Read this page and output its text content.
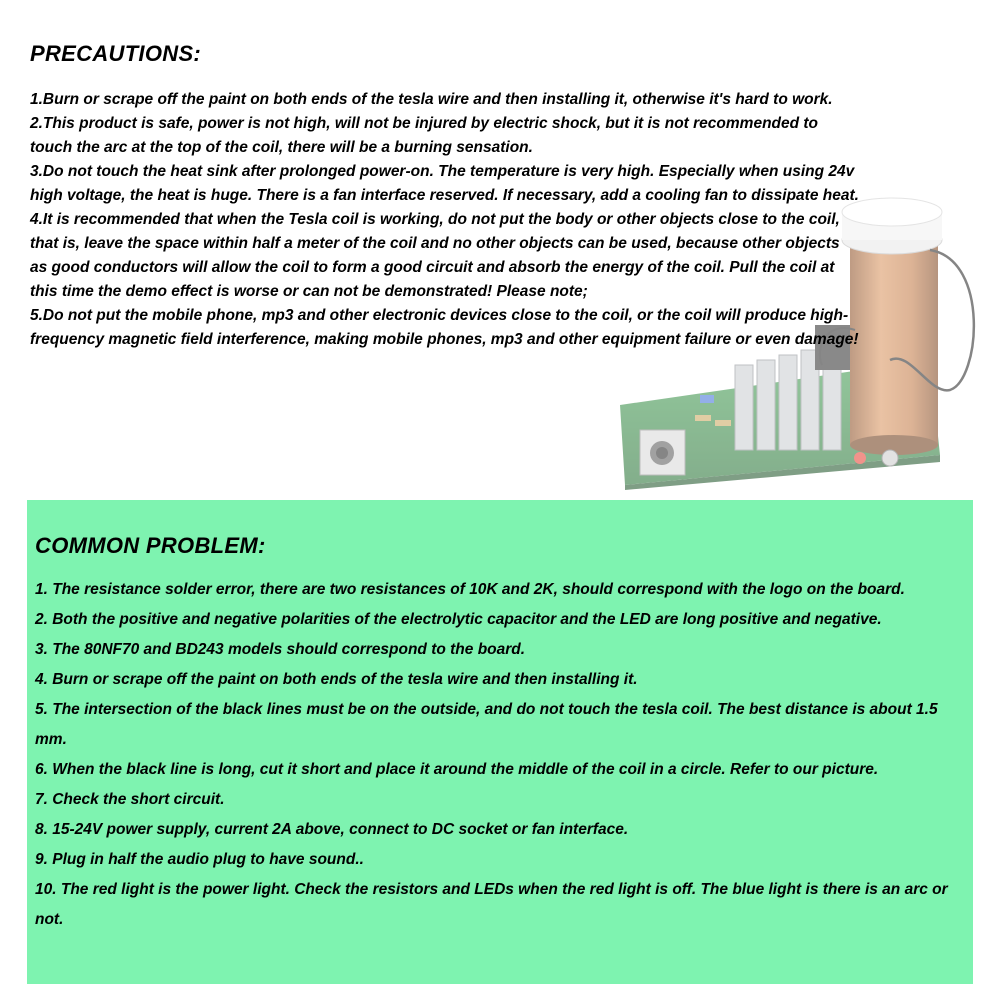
PRECAUTIONS:

1.Burn or scrape off the paint on both ends of the tesla wire and then installing it, otherwise it's hard to work.

2.This product is safe, power is not high, will not be injured by electric shock, but it is not recommended to touch the arc at the top of the coil, there will be a burning sensation.

3.Do not touch the heat sink after prolonged power-on. The temperature is very high. Especially when using 24v high voltage, the heat is huge. There is a fan interface reserved. If necessary, add a cooling fan to dissipate heat.

4.It is recommended that when the Tesla coil is working, do not put the body or other objects close to the coil, that is, leave the space within half a meter of the coil and no other objects can be used, because other objects as good conductors will allow the coil to form a good circuit and absorb the energy of the coil. Pull the coil at this time the demo effect is worse or can not be demonstrated! Please note;

5.Do not put the mobile phone, mp3 and other electronic devices close to the coil, or the coil will produce high-frequency magnetic field interference, making mobile phones, mp3 and other equipment failure or even damage!

COMMON PROBLEM:
1. The resistance solder error, there are two resistances of 10K and 2K, should correspond with the logo on the board.
2. Both the positive and negative polarities of the electrolytic capacitor and the LED are long positive and negative.
3. The 80NF70 and BD243 models should correspond to the board.
4. Burn or scrape off the paint on both ends of the tesla wire and then installing it.
5. The intersection of the black lines must be on the outside, and do not touch the tesla coil. The best distance is about 1.5 mm.
6. When the black line is long, cut it short and place it around the middle of the coil in a circle. Refer to our picture.
7. Check the short circuit.
8. 15-24V power supply, current 2A above, connect to DC socket or fan interface.
9. Plug in half the audio plug to have sound..
10. The red light is the power light. Check the resistors and LEDs when the red light is off. The blue light is there is an arc or not.
